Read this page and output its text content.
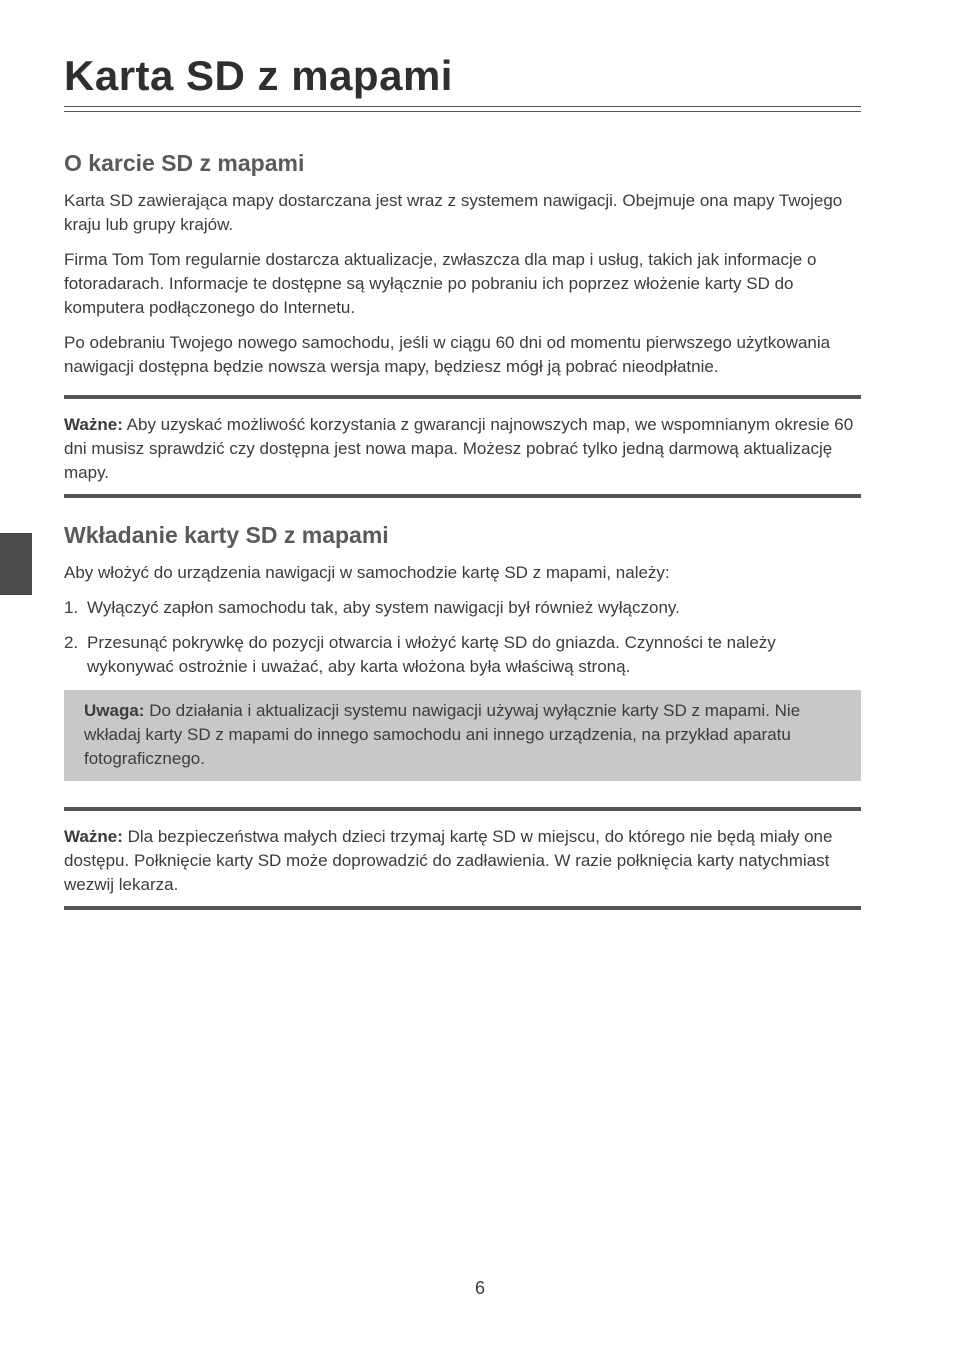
Karta SD z mapami
O karcie SD z mapami

Karta SD zawierająca mapy dostarczana jest wraz z systemem nawigacji. Obejmuje ona mapy Twojego kraju lub grupy krajów.

Firma Tom Tom regularnie dostarcza aktualizacje, zwłaszcza dla map i usług, takich jak informacje o fotoradarach. Informacje te dostępne są wyłącznie po pobraniu ich poprzez włożenie karty SD do komputera podłączonego do Internetu.

Po odebraniu Twojego nowego samochodu, jeśli w ciągu 60 dni od momentu pierwszego użytkowania nawigacji dostępna będzie nowsza wersja mapy, będziesz mógł ją pobrać nieodpłatnie.

Ważne: Aby uzyskać możliwość korzystania z gwarancji najnowszych map, we wspomnianym okresie 60 dni musisz sprawdzić czy dostępna jest nowa mapa. Możesz pobrać tylko jedną darmową aktualizację mapy.

Wkładanie karty SD z mapami

Aby włożyć do urządzenia nawigacji w samochodzie kartę SD z mapami, należy:

1. Wyłączyć zapłon samochodu tak, aby system nawigacji był również wyłączony.
2. Przesunąć pokrywkę do pozycji otwarcia i włożyć kartę SD do gniazda. Czynności te należy wykonywać ostrożnie i uważać, aby karta włożona była właściwą stroną.

Uwaga: Do działania i aktualizacji systemu nawigacji używaj wyłącznie karty SD z mapami. Nie wkładaj karty SD z mapami do innego samochodu ani innego urządzenia, na przykład aparatu fotograficznego.

Ważne: Dla bezpieczeństwa małych dzieci trzymaj kartę SD w miejscu, do którego nie będą miały one dostępu. Połknięcie karty SD może doprowadzić do zadławienia. W razie połknięcia karty natychmiast wezwij lekarza.

6
